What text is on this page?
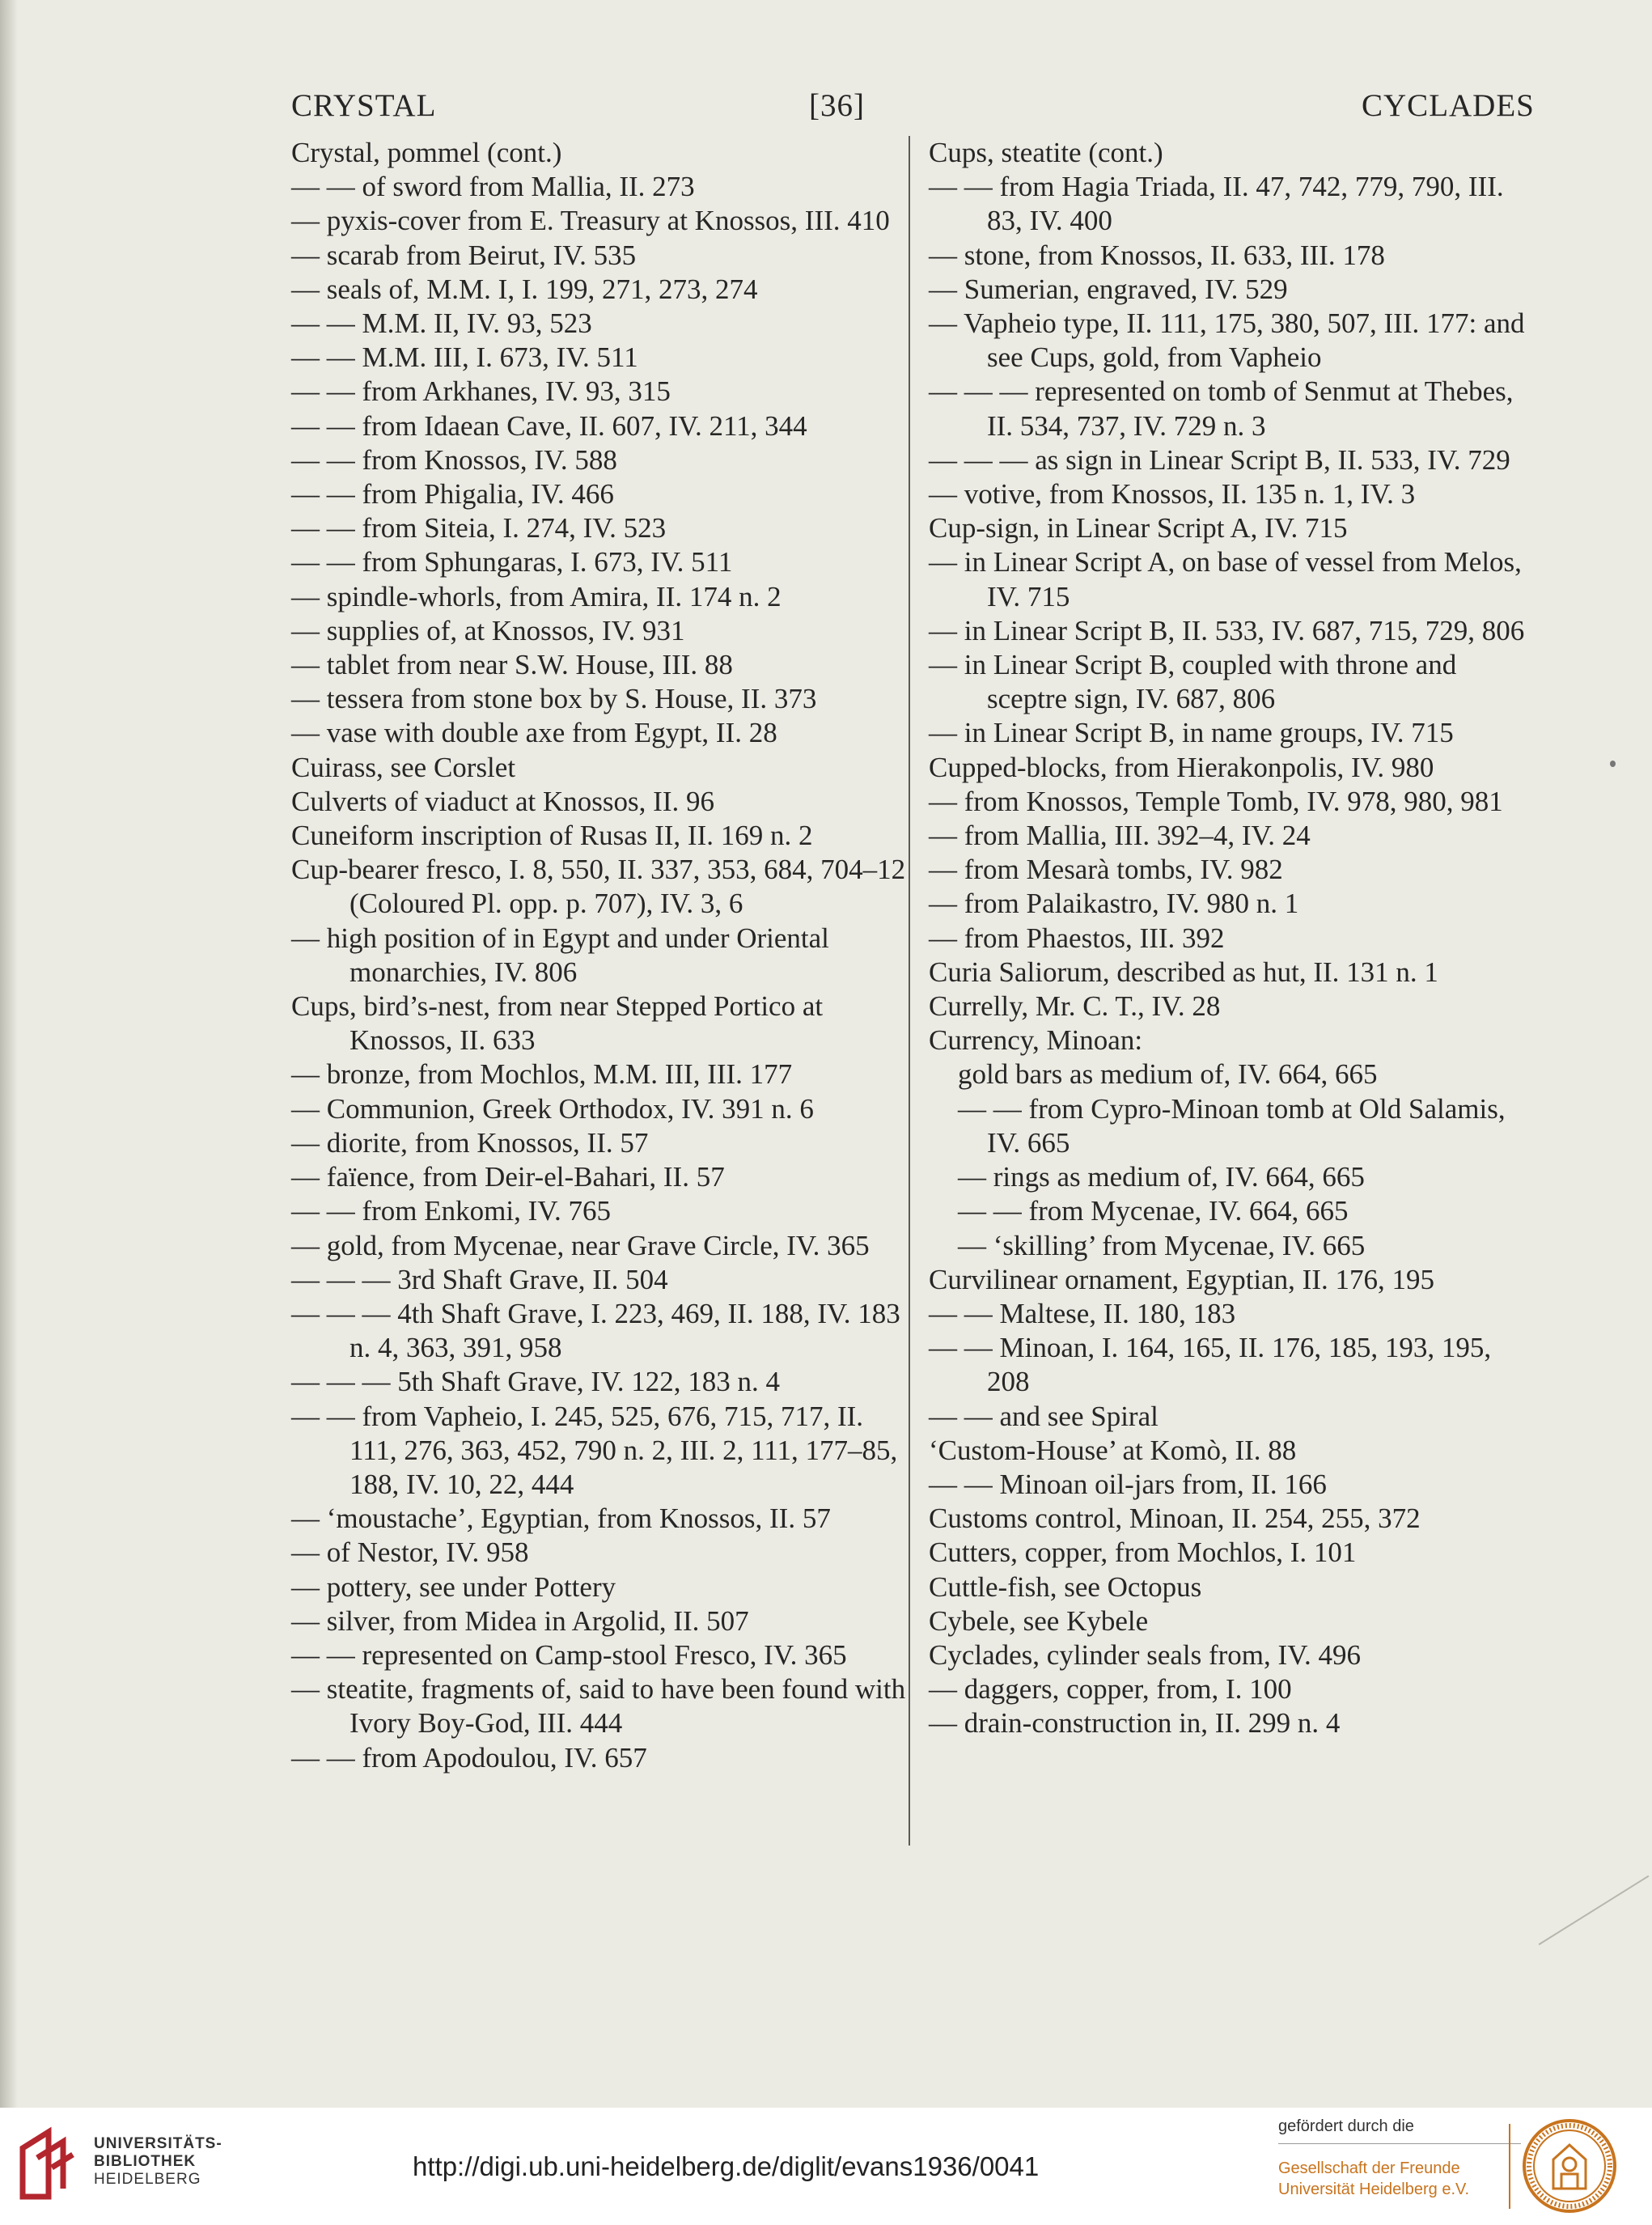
CRYSTAL	[36]	CYCLADES
Crystal, pommel (cont.)
— — of sword from Mallia, II. 273
— pyxis-cover from E. Treasury at Knossos, III. 410
— scarab from Beirut, IV. 535
— seals of, M.M. I, I. 199, 271, 273, 274
— — M.M. II, IV. 93, 523
— — M.M. III, I. 673, IV. 511
— — from Arkhanes, IV. 93, 315
— — from Idaean Cave, II. 607, IV. 211, 344
— — from Knossos, IV. 588
— — from Phigalia, IV. 466
— — from Siteia, I. 274, IV. 523
— — from Sphungaras, I. 673, IV. 511
— spindle-whorls, from Amira, II. 174 n. 2
— supplies of, at Knossos, IV. 931
— tablet from near S.W. House, III. 88
— tessera from stone box by S. House, II. 373
— vase with double axe from Egypt, II. 28
Cuirass, see Corslet
Culverts of viaduct at Knossos, II. 96
Cuneiform inscription of Rusas II, II. 169 n. 2
Cup-bearer fresco, I. 8, 550, II. 337, 353, 684, 704–12 (Coloured Pl. opp. p. 707), IV. 3, 6
— high position of in Egypt and under Oriental monarchies, IV. 806
Cups, bird’s-nest, from near Stepped Portico at Knossos, II. 633
— bronze, from Mochlos, M.M. III, III. 177
— Communion, Greek Orthodox, IV. 391 n. 6
— diorite, from Knossos, II. 57
— faïence, from Deir-el-Bahari, II. 57
— — from Enkomi, IV. 765
— gold, from Mycenae, near Grave Circle, IV. 365
— — — 3rd Shaft Grave, II. 504
— — — 4th Shaft Grave, I. 223, 469, II. 188, IV. 183 n. 4, 363, 391, 958
— — — 5th Shaft Grave, IV. 122, 183 n. 4
— — from Vapheio, I. 245, 525, 676, 715, 717, II. 111, 276, 363, 452, 790 n. 2, III. 2, 111, 177–85, 188, IV. 10, 22, 444
— ‘moustache’, Egyptian, from Knossos, II. 57
— of Nestor, IV. 958
— pottery, see under Pottery
— silver, from Midea in Argolid, II. 507
— — represented on Camp-stool Fresco, IV. 365
— steatite, fragments of, said to have been found with Ivory Boy-God, III. 444
— — from Apodoulou, IV. 657
Cups, steatite (cont.)
— — from Hagia Triada, II. 47, 742, 779, 790, III. 83, IV. 400
— stone, from Knossos, II. 633, III. 178
— Sumerian, engraved, IV. 529
— Vapheio type, II. 111, 175, 380, 507, III. 177: and see Cups, gold, from Vapheio
— — — represented on tomb of Senmut at Thebes, II. 534, 737, IV. 729 n. 3
— — — as sign in Linear Script B, II. 533, IV. 729
— votive, from Knossos, II. 135 n. 1, IV. 3
Cup-sign, in Linear Script A, IV. 715
— in Linear Script A, on base of vessel from Melos, IV. 715
— in Linear Script B, II. 533, IV. 687, 715, 729, 806
— in Linear Script B, coupled with throne and sceptre sign, IV. 687, 806
— in Linear Script B, in name groups, IV. 715
Cupped-blocks, from Hierakonpolis, IV. 980
— from Knossos, Temple Tomb, IV. 978, 980, 981
— from Mallia, III. 392–4, IV. 24
— from Mesarà tombs, IV. 982
— from Palaikastro, IV. 980 n. 1
— from Phaestos, III. 392
Curia Saliorum, described as hut, II. 131 n. 1
Currelly, Mr. C. T., IV. 28
Currency, Minoan:
gold bars as medium of, IV. 664, 665
— — from Cypro-Minoan tomb at Old Salamis, IV. 665
— rings as medium of, IV. 664, 665
— — from Mycenae, IV. 664, 665
— ‘skilling’ from Mycenae, IV. 665
Curvilinear ornament, Egyptian, II. 176, 195
— — Maltese, II. 180, 183
— — Minoan, I. 164, 165, II. 176, 185, 193, 195, 208
— — and see Spiral
‘Custom-House’ at Komò, II. 88
— — Minoan oil-jars from, II. 166
Customs control, Minoan, II. 254, 255, 372
Cutters, copper, from Mochlos, I. 101
Cuttle-fish, see Octopus
Cybele, see Kybele
Cyclades, cylinder seals from, IV. 496
— daggers, copper, from, I. 100
— drain-construction in, II. 299 n. 4
UNIVERSITÄTS-
BIBLIOTHEK
HEIDELBERG	http://digi.ub.uni-heidelberg.de/diglit/evans1936/0041
gefördert durch die
Gesellschaft der Freunde
Universität Heidelberg e.V.
